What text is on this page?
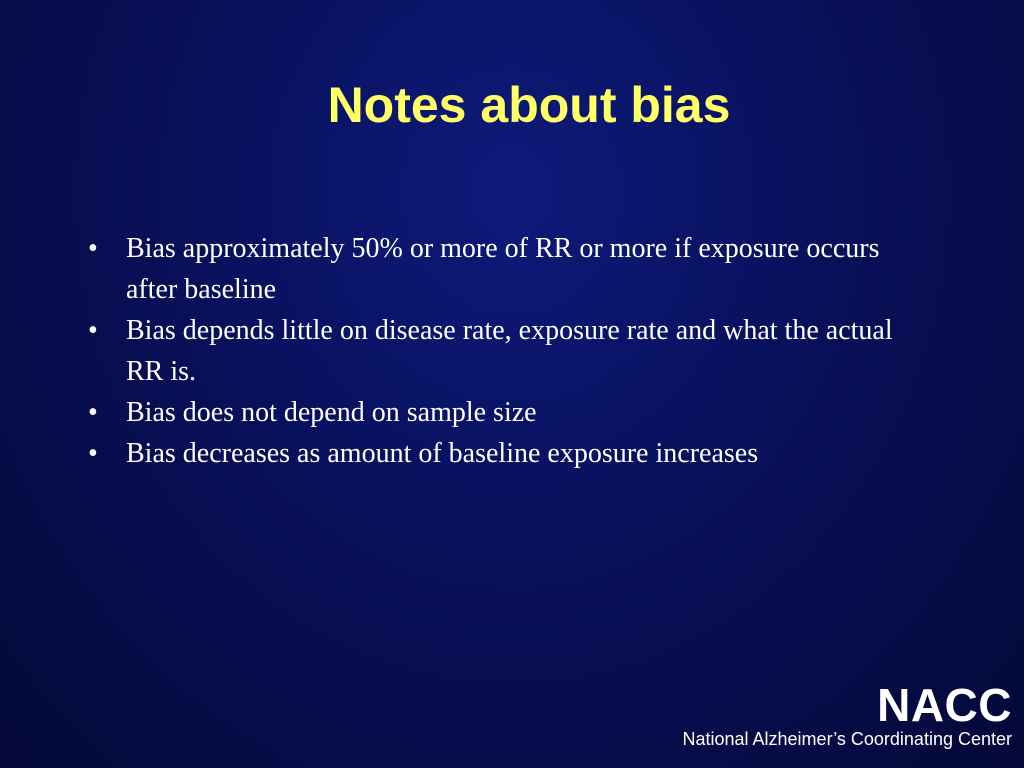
Notes about bias
• Bias approximately 50% or more of RR or more if exposure occurs after baseline
• Bias depends little on disease rate, exposure rate and what the actual RR is.
• Bias does not depend on sample size
• Bias decreases as amount of baseline exposure increases
NACC
National Alzheimer’s Coordinating Center
